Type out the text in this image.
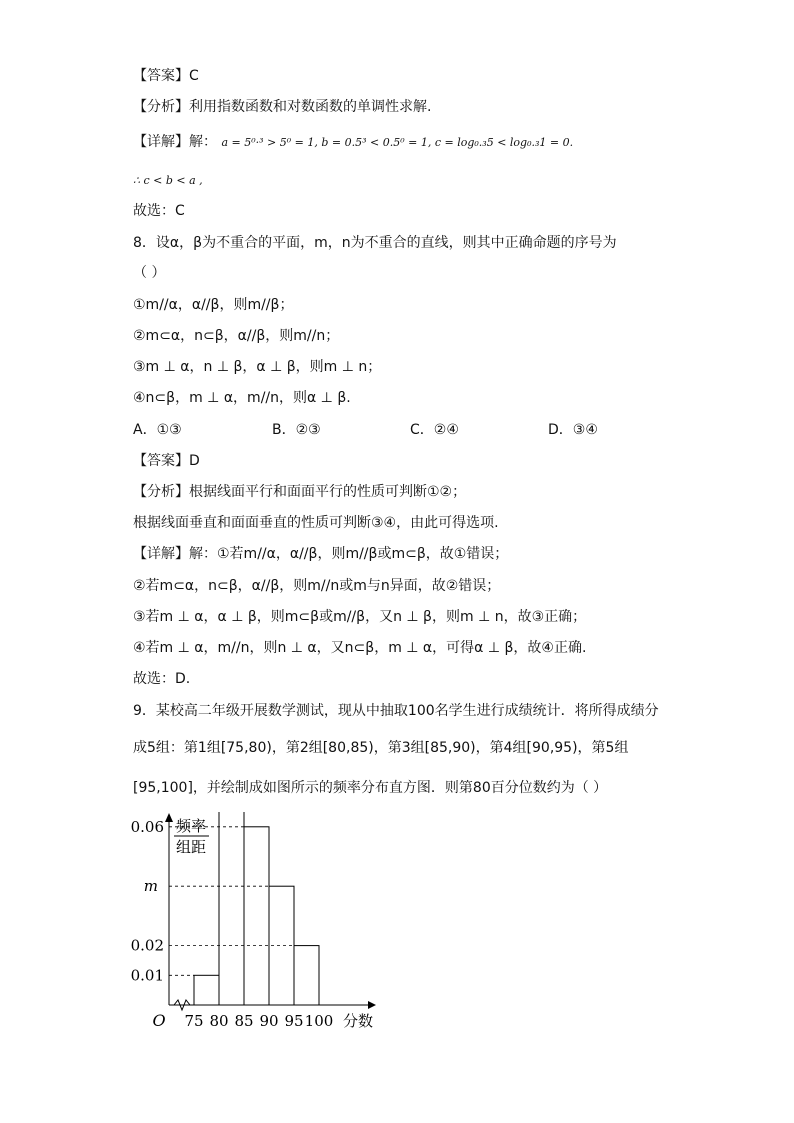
【答案】C
【分析】利用指数函数和对数函数的单调性求解.
【详解】解： a = 5⁰·³ > 5⁰ = 1, b = 0.5³ < 0.5⁰ = 1, c = log₀.₃5 < log₀.₃1 = 0.
∴ c < b < a ,
故选：C
8．设α，β为不重合的平面，m，n为不重合的直线，则其中正确命题的序号为
（ ）
①m//α，α//β，则m//β；
②m⊂α，n⊂β，α//β，则m//n；
③m ⊥ α，n ⊥ β，α ⊥ β，则m ⊥ n；
④n⊂β，m ⊥ α，m//n，则α ⊥ β.
A．①③	B．②③	C．②④	D．③④
【答案】D
【分析】根据线面平行和面面平行的性质可判断①②；
根据线面垂直和面面垂直的性质可判断③④，由此可得选项.
【详解】解：①若m//α，α//β，则m//β或m⊂β，故①错误；
②若m⊂α，n⊂β，α//β，则m//n或m与n异面，故②错误；
③若m ⊥ α，α ⊥ β，则m⊂β或m//β，又n ⊥ β，则m ⊥ n，故③正确；
④若m ⊥ α，m//n，则n ⊥ α，又n⊂β，m ⊥ α，可得α ⊥ β，故④正确.
故选：D.
9．某校高二年级开展数学测试，现从中抽取100名学生进行成绩统计．将所得成绩分
成5组：第1组[75,80)，第2组[80,85)，第3组[85,90)，第4组[90,95)，第5组
[95,100]，并绘制成如图所示的频率分布直方图．则第80百分位数约为（ ）
0.06
m
0.02
0.01
75 80 85 90 95 100
O	分数
频率
组距
